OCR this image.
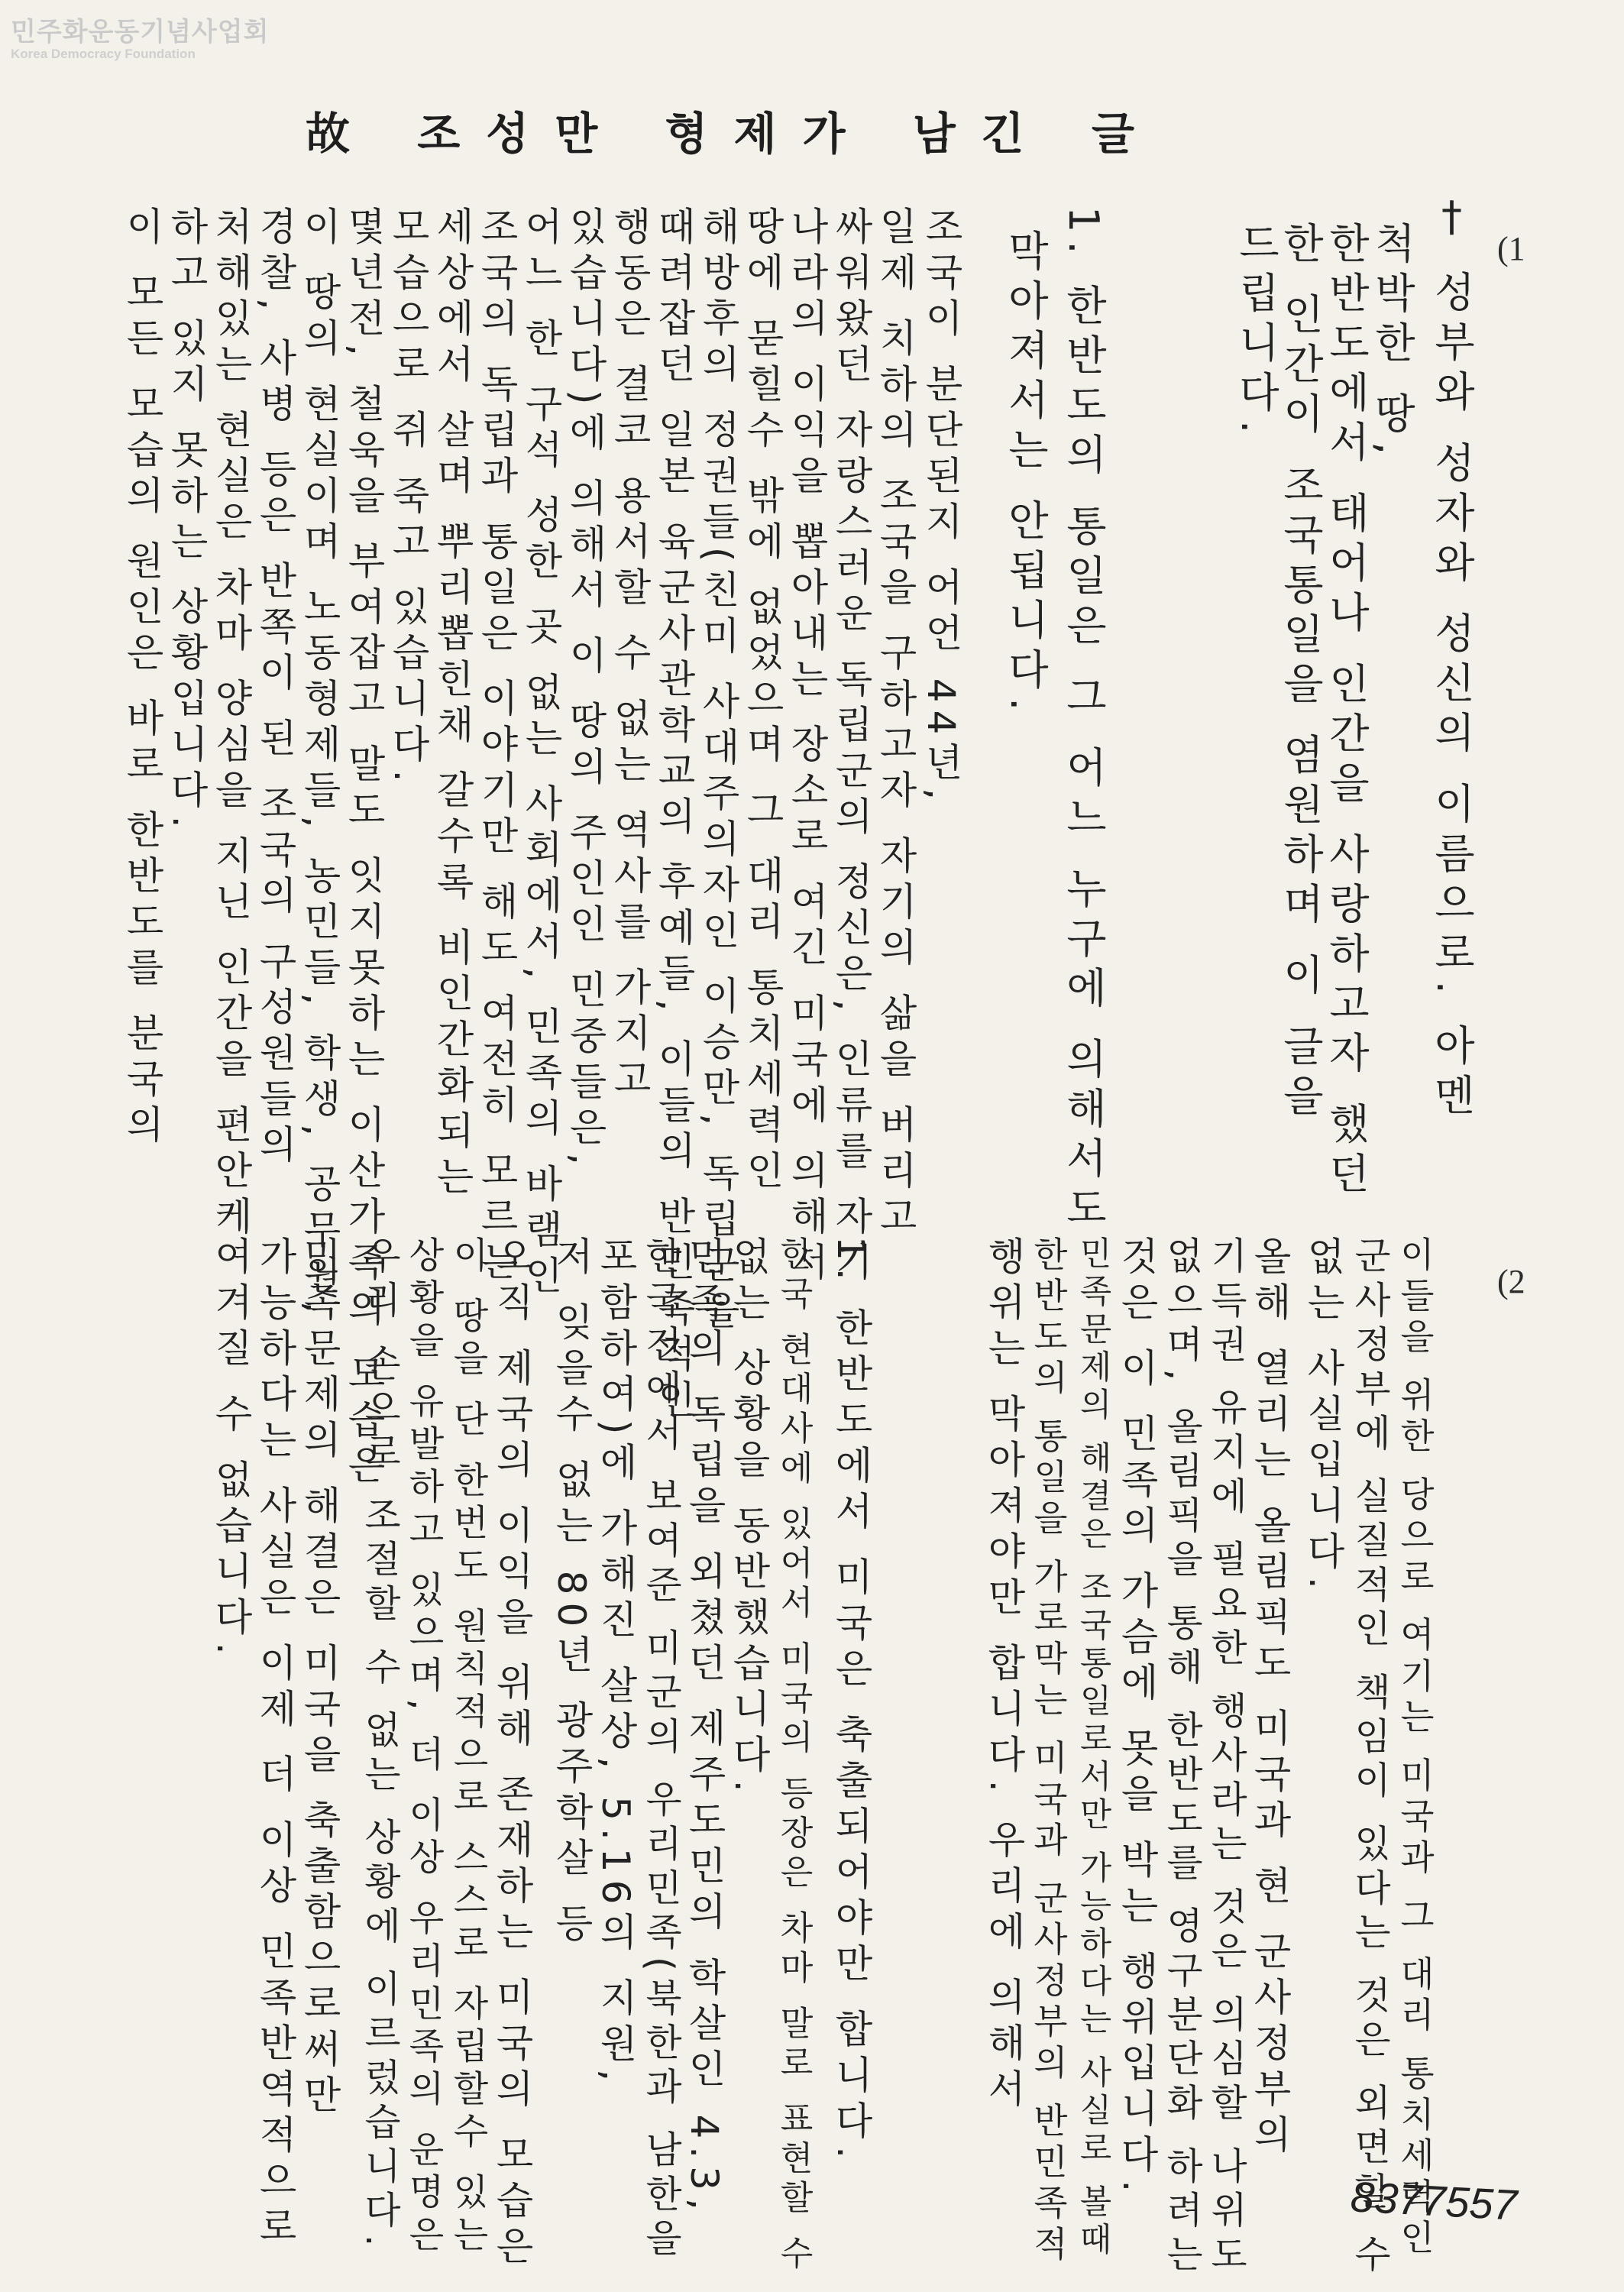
민주화운동기념사업회
Korea Democracy Foundation
故 조성만 형제가 남긴 글
(1
(2
† 성부와 성자와 성신의 이름으로. 아멘
척박한 땅,
한반도에서 태어나 인간을 사랑하고자 했던
한 인간이 조국통일을 염원하며 이 글을
드립니다.
1. 한반도의 통일은 그 어느 누구에 의해서도
막아져서는 안됩니다.
조국이 분단된지 어언 44년,
일제 치하의 조국을 구하고자 자기의 삶을 버리고
싸워왔던 자랑스러운 독립군의 정신은, 인류를 자기
나라의 이익을 뽑아내는 장소로 여긴 미국에 의해서
땅에 묻힐수 밖에 없었으며 그 대리 통치세력인
해방후의 정권들(친미 사대주의자인 이승만, 독립군을
때려잡던 일본 육군사관학교의 후예들, 이들의 반민족적인
행동은 결코 용서할 수 없는 역사를 가지고
있습니다)에 의해서 이 땅의 주인인 민중들은,
어느 한 구석 성한 곳 없는 사회에서, 민족의 바램인
조국의 독립과 통일은 이야기만 해도 여전히 모르는
세상에서 살며 뿌리뽑힌채 갈수록 비인간화되는
모습으로 쥐 죽고 있습니다.
몇년전, 철욱을 부여잡고 말도 잇지못하는 이산가족의 모습은
이 땅의 현실이며 노동형제들, 농민들, 학생, 공무원,
경찰, 사병 등은 반쪽이 된 조국의 구성원들의
처해있는 현실은 차마 양심을 지닌 인간을 편안케
하고 있지 못하는 상황입니다.
이 모든 모습의 원인은 바로 한반도를 분국의
이들을 위한 당으로 여기는 미국과 그 대리 통치세력인
군사정부에 실질적인 책임이 있다는 것은 외면할 수
없는 사실입니다.
올해 열리는 올림픽도 미국과 현 군사정부의
기득권 유지에 필요한 행사라는 것은 의심할 나위도
없으며, 올림픽을 통해 한반도를 영구분단화 하려는
것은 이 민족의 가슴에 못을 박는 행위입니다.
민족문제의 해결은 조국통일로서만 가능하다는 사실로 볼때
한반도의 통일을 가로막는 미국과 군사정부의 반민족적
행위는 막아져야만 합니다. 우리에 의해서
1. 한반도에서 미국은 축출되어야만 합니다.
한국 현대사에 있어서 미국의 등장은 차마 말로 표현할 수
없는 상황을 동반했습니다.
민족의 독립을 외쳤던 제주도민의 학살인 4.3,
한국전에서 보여준 미군의 우리민족(북한과 남한을
포함하여)에 가해진 살상, 5.16의 지원,
저 잊을수 없는 80년 광주학살 등
오직 제국의 이익을 위해 존재하는 미국의 모습은
이 땅을 단 한번도 원칙적으로 스스로 자립할수 있는
상황을 유발하고 있으며, 더 이상 우리민족의 운명은
우리 손으로 조절할 수 없는 상황에 이르렀습니다.
민족문제의 해결은 미국을 축출함으로써만
가능하다는 사실은 이제 더 이상 민족반역적으로
여겨질 수 없습니다.
8377557
